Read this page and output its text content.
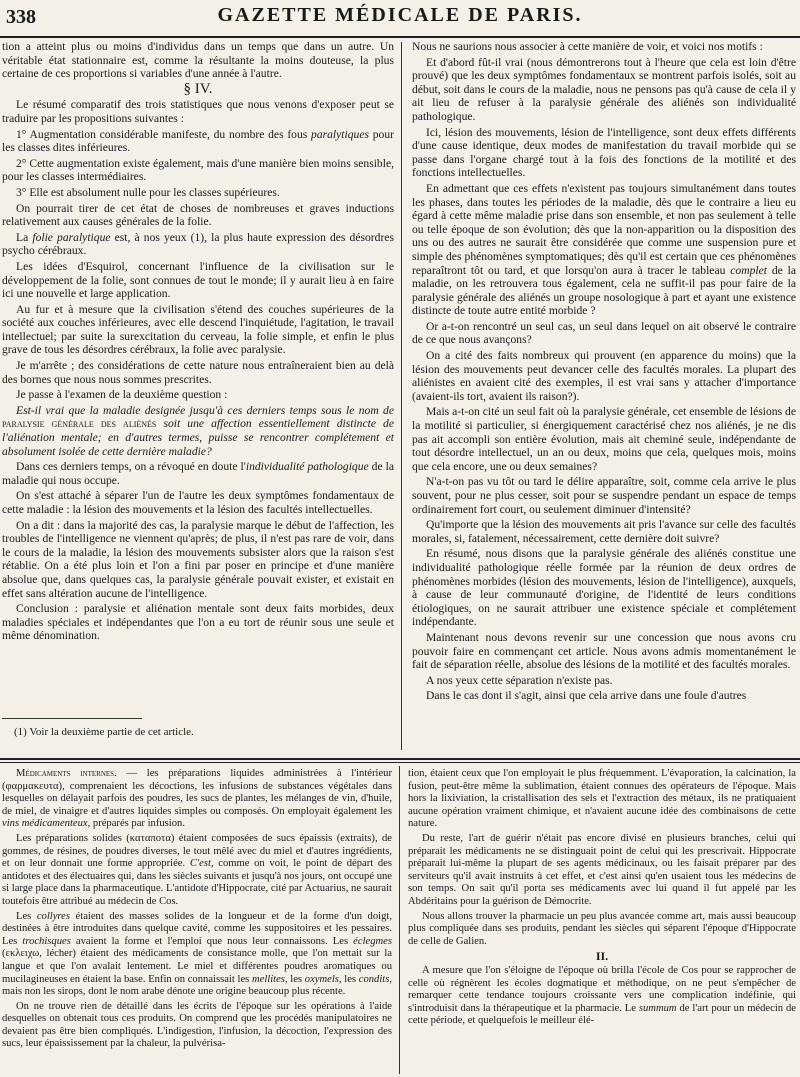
338	GAZETTE MÉDICALE DE PARIS.

tion a atteint plus ou moins d'individus dans un temps que dans un autre. Un véritable état stationnaire est, comme la résultante la moins douteuse, la plus certaine de ces proportions si variables d'une année à l'autre.

§ IV.

Le résumé comparatif des trois statistiques que nous venons d'exposer peut se traduire par les propositions suivantes :

1° Augmentation considérable manifeste, du nombre des fous paralytiques pour les classes dites inférieures.

2° Cette augmentation existe également, mais d'une manière bien moins sensible, pour les classes intermédiaires.

3° Elle est absolument nulle pour les classes supérieures.

On pourrait tirer de cet état de choses de nombreuses et graves inductions relativement aux causes générales de la folie.

La folie paralytique est, à nos yeux (1), la plus haute expression des désordres psycho cérébraux.

Les idées d'Esquirol, concernant l'influence de la civilisation sur le développement de la folie, sont connues de tout le monde; il y aurait lieu à en faire ici une nouvelle et large application.

Au fur et à mesure que la civilisation s'étend des couches supérieures de la société aux couches inférieures, avec elle descend l'inquiétude, l'agitation, le travail intellectuel; par suite la surexcitation du cerveau, la folie simple, et enfin le plus grave de tous les désordres cérébraux, la folie avec paralysie.

Je m'arrête ; des considérations de cette nature nous entraîneraient bien au delà des bornes que nous nous sommes prescrites.

Je passe à l'examen de la deuxième question :

Est-il vrai que la maladie designée jusqu'à ces derniers temps sous le nom de paralysie générale des aliénés soit une affection essentiellement distincte de l'aliénation mentale; en d'autres termes, puisse se rencontrer complétement et absolument isolée de cette dernière maladie?

Dans ces derniers temps, on a révoqué en doute l'individualité pathologique de la maladie qui nous occupe.

On s'est attaché à séparer l'un de l'autre les deux symptômes fondamentaux de cette maladie : la lésion des mouvements et la lésion des facultés intellectuelles.

On a dit : dans la majorité des cas, la paralysie marque le début de l'affection, les troubles de l'intelligence ne viennent qu'après; de plus, il n'est pas rare de voir, dans le cours de la maladie, la lésion des mouvements subsister alors que la raison s'est rétablie. On a été plus loin et l'on a fini par poser en principe et d'une manière absolue que, dans quelques cas, la paralysie générale pouvait exister, et existait en effet sans altération aucune de l'intelligence.

Conclusion : paralysie et aliénation mentale sont deux faits morbides, deux maladies spéciales et indépendantes que l'on a eu tort de réunir sous une seule et même dénomination.

(1) Voir la deuxième partie de cet article.

Nous ne saurions nous associer à cette manière de voir, et voici nos motifs :

Et d'abord fût-il vrai (nous démontrerons tout à l'heure que cela est loin d'être prouvé) que les deux symptômes fondamentaux se montrent parfois isolés, soit au début, soit dans le cours de la maladie, nous ne pensons pas qu'à cause de cela il y ait lieu de refuser à la paralysie générale des aliénés son individualité pathologique.

Ici, lésion des mouvements, lésion de l'intelligence, sont deux effets différents d'une cause identique, deux modes de manifestation du travail morbide qui se passe dans l'organe chargé tout à la fois des fonctions de la motilité et des fonctions intellectuelles.

En admettant que ces effets n'existent pas toujours simultanément dans toutes les phases, dans toutes les périodes de la maladie, dès que le contraire a lieu eu égard à cette même maladie prise dans son ensemble, et non pas seulement à telle ou telle époque de son évolution; dès que la non-apparition ou la disposition des uns ou des autres ne saurait être considérée que comme une suspension pure et simple des phénomènes symptomatiques; dès qu'il est certain que ces phénomènes reparaîtront tôt ou tard, et que lorsqu'on aura à tracer le tableau complet de la maladie, on les retrouvera tous également, cela ne suffit-il pas pour faire de la paralysie générale des aliénés un groupe nosologique à part et ayant une existence distincte de toute autre entité morbide ?

Or a-t-on rencontré un seul cas, un seul dans lequel on ait observé le contraire de ce que nous avançons?

On a cité des faits nombreux qui prouvent (en apparence du moins) que la lésion des mouvements peut devancer celle des facultés morales. La plupart des aliénistes en avaient cité des exemples, il est vrai sans y attacher d'importance (avaient-ils tort, avaient ils raison?).

Mais a-t-on cité un seul fait où la paralysie générale, cet ensemble de lésions de la motilité si particulier, si énergiquement caractérisé chez nos aliénés, je ne dis pas ait accompli son entière évolution, mais ait cheminé seule, indépendante de tout désordre intellectuel, un an ou deux, moins que cela, quelques mois, moins que cela encore, une ou deux semaines?

N'a-t-on pas vu tôt ou tard le délire apparaître, soit, comme cela arrive le plus souvent, pour ne plus cesser, soit pour se suspendre pendant un espace de temps ordinairement fort court, ou seulement diminuer d'intensité?

Qu'importe que la lésion des mouvements ait pris l'avance sur celle des facultés morales, si, fatalement, nécessairement, cette dernière doit suivre?

En résumé, nous disons que la paralysie générale des aliénés constitue une individualité pathologique réelle formée par la réunion de deux ordres de phénomènes morbides (lésion des mouvements, lésion de l'intelligence), auxquels, à cause de leur communauté d'origine, de l'identité de leurs conditions étiologiques, on ne saurait attribuer une existence spéciale et complétement indépendante.

Maintenant nous devons revenir sur une concession que nous avons cru pouvoir faire en commençant cet article. Nous avons admis momentanément le fait de séparation réelle, absolue des lésions de la motilité et des facultés morales.

A nos yeux cette séparation n'existe pas.

Dans le cas dont il s'agit, ainsi que cela arrive dans une foule d'autres

Médicaments internes. — les préparations liquides administrées à l'intérieur (φαρμακευτα), comprenaient les décoctions, les infusions de substances végétales dans lesquelles on délayait parfois des poudres, les sucs de plantes, les mélanges de vin, d'huile, de miel, de vinaigre et d'autres liquides simples ou composés. On employait également les vins médicamenteux, préparés par infusion.

Les préparations solides (καταποτα) étaient composées de sucs épaissis (extraits), de gommes, de résines, de poudres diverses, le tout mêlé avec du miel et d'autres ingrédients, et on leur donnait une forme appropriée. C'est, comme on voit, le point de départ des antidotes et des électuaires qui, dans les siècles suivants et jusqu'à nos jours, ont occupé une si large place dans la pharmaceutique. L'antidote d'Hippocrate, cité par Actuarius, ne saurait toutefois être attribué au médecin de Cos.

Les collyres étaient des masses solides de la longueur et de la forme d'un doigt, destinées à être introduites dans quelque cavité, comme les suppositoires et les pessaires. Les trochisques avaient la forme et l'emploi que nous leur connaissons. Les éclegmes (εκλειχω, lécher) étaient des médicaments de consistance molle, que l'on mettait sur la langue et que l'on avalait lentement. Le miel et différentes poudres aromatiques ou mucilagineuses en étaient la base. Enfin on connaissait les mellites, les oxymels, les condits, mais non les sirops, dont le nom arabe dénote une origine beaucoup plus récente.

On ne trouve rien de détaillé dans les écrits de l'époque sur les opérations à l'aide desquelles on obtenait tous ces produits. On comprend que les procédés manipulatoires ne devaient pas être bien compliqués. L'indigestion, l'infusion, la décoction, l'expression des sucs, leur épaississement par la chaleur, la pulvérisa-

tion, étaient ceux que l'on employait le plus fréquemment. L'évaporation, la calcination, la fusion, peut-être même la sublimation, étaient connues des opérateurs de l'époque. Mais hors la lixiviation, la cristallisation des sels et l'extraction des métaux, ils ne pratiquaient aucune opération vraiment chimique, et n'avaient aucune idée des combinaisons de cette nature.

Du reste, l'art de guérir n'était pas encore divisé en plusieurs branches, celui qui préparait les médicaments ne se distinguait point de celui qui les prescrivait. Hippocrate préparait lui-même la plupart de ses agents médicinaux, ou les faisait préparer par des serviteurs qu'il avait instruits à cet effet, et c'est ainsi qu'en usaient tous les médecins de son temps. On sait qu'il porta ses médicaments avec lui quand il fut appelé par les Abdéritains pour la guérison de Démocrite.

Nous allons trouver la pharmacie un peu plus avancée comme art, mais aussi beaucoup plus compliquée dans ses produits, pendant les siècles qui séparent l'époque d'Hippocrate de celle de Galien.

II.

A mesure que l'on s'éloigne de l'époque où brilla l'école de Cos pour se rapprocher de celle où régnèrent les écoles dogmatique et méthodique, on ne peut s'empêcher de remarquer cette tendance toujours croissante vers une complication indéfinie, qui s'introduisit dans la thérapeutique et la pharmacie. Le summum de l'art pour un médecin de cette période, et quelquefois le meilleur élé-
